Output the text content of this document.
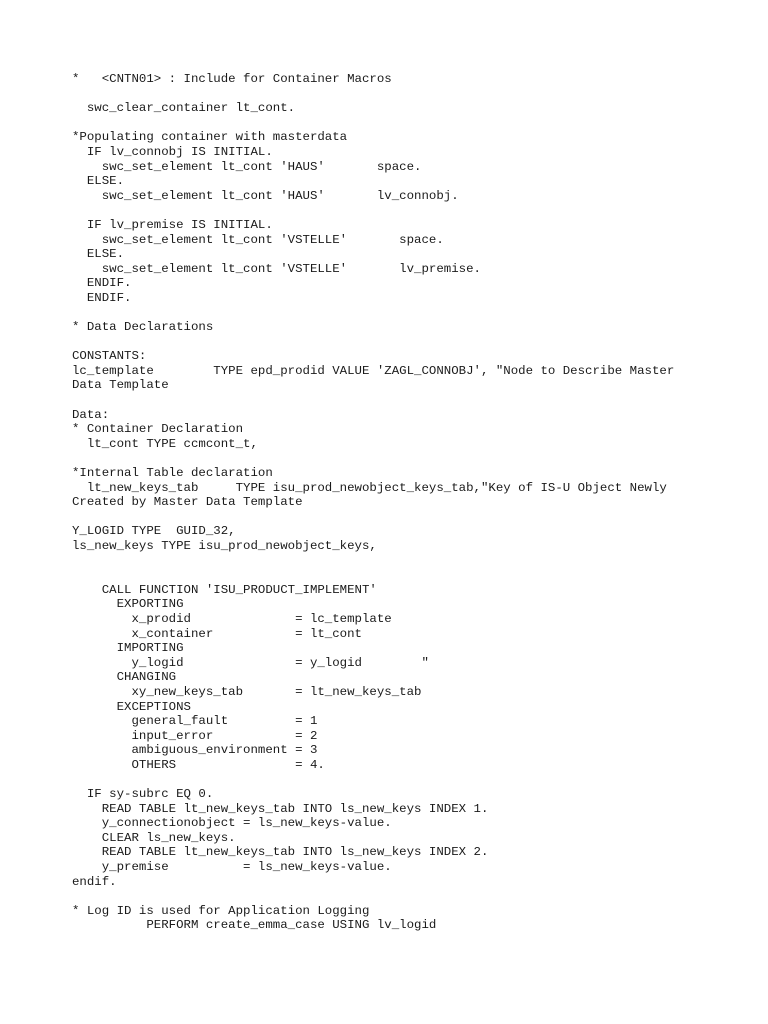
*   <CNTN01> : Include for Container Macros
swc_clear_container lt_cont.
*Populating container with masterdata
IF lv_connobj IS INITIAL.
swc_set_element lt_cont 'HAUS'       space.
ELSE.
swc_set_element lt_cont 'HAUS'       lv_connobj.
IF lv_premise IS INITIAL.
swc_set_element lt_cont 'VSTELLE'       space.
ELSE.
swc_set_element lt_cont 'VSTELLE'       lv_premise.
ENDIF.
ENDIF.
* Data Declarations
CONSTANTS:
lc_template        TYPE epd_prodid VALUE 'ZAGL_CONNOBJ', "Node to Describe Master
Data Template
Data:
* Container Declaration
lt_cont TYPE ccmcont_t,
*Internal Table declaration
lt_new_keys_tab     TYPE isu_prod_newobject_keys_tab,"Key of IS-U Object Newly
Created by Master Data Template
Y_LOGID TYPE  GUID_32,
ls_new_keys TYPE isu_prod_newobject_keys,
CALL FUNCTION 'ISU_PRODUCT_IMPLEMENT'
EXPORTING
x_prodid              = lc_template
x_container           = lt_cont
IMPORTING
y_logid               = y_logid        "
CHANGING
xy_new_keys_tab       = lt_new_keys_tab
EXCEPTIONS
general_fault         = 1
input_error           = 2
ambiguous_environment = 3
OTHERS                = 4.
IF sy-subrc EQ 0.
READ TABLE lt_new_keys_tab INTO ls_new_keys INDEX 1.
y_connectionobject = ls_new_keys-value.
CLEAR ls_new_keys.
READ TABLE lt_new_keys_tab INTO ls_new_keys INDEX 2.
y_premise          = ls_new_keys-value.
endif.
* Log ID is used for Application Logging
PERFORM create_emma_case USING lv_logid
